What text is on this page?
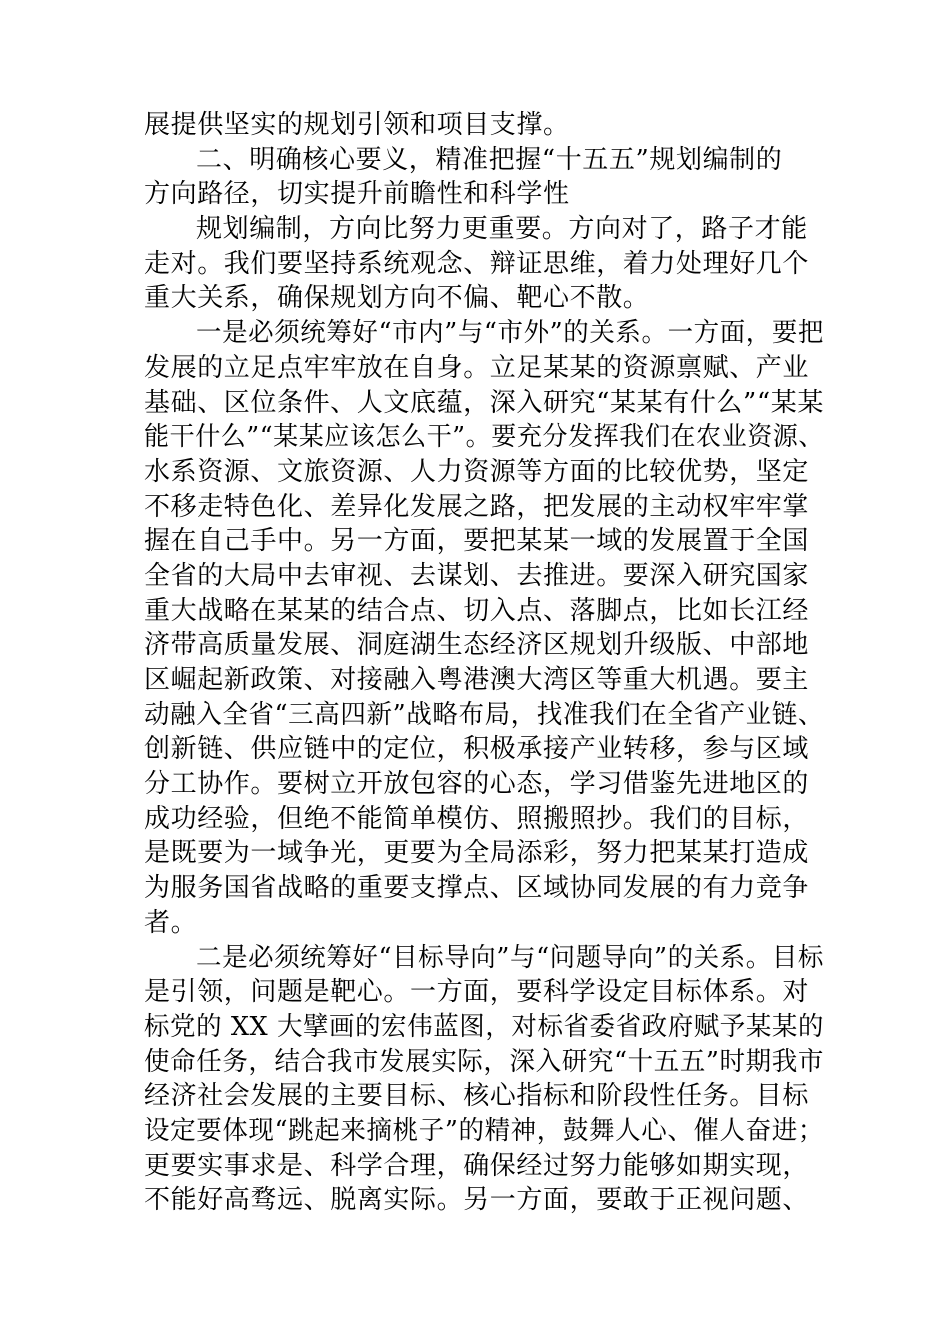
展提供坚实的规划引领和项目支撑。
二、明确核心要义，精准把握“十五五”规划编制的
方向路径，切实提升前瞻性和科学性
规划编制，方向比努力更重要。方向对了，路子才能
走对。我们要坚持系统观念、辩证思维，着力处理好几个
重大关系，确保规划方向不偏、靶心不散。
一是必须统筹好“市内”与“市外”的关系。一方面，要把
发展的立足点牢牢放在自身。立足某某的资源禀赋、产业
基础、区位条件、人文底蕴，深入研究“某某有什么”“某某
能干什么”“某某应该怎么干”。要充分发挥我们在农业资源、
水系资源、文旅资源、人力资源等方面的比较优势，坚定
不移走特色化、差异化发展之路，把发展的主动权牢牢掌
握在自己手中。另一方面，要把某某一域的发展置于全国
全省的大局中去审视、去谋划、去推进。要深入研究国家
重大战略在某某的结合点、切入点、落脚点，比如长江经
济带高质量发展、洞庭湖生态经济区规划升级版、中部地
区崛起新政策、对接融入粤港澳大湾区等重大机遇。要主
动融入全省“三高四新”战略布局，找准我们在全省产业链、
创新链、供应链中的定位，积极承接产业转移，参与区域
分工协作。要树立开放包容的心态，学习借鉴先进地区的
成功经验，但绝不能简单模仿、照搬照抄。我们的目标，
是既要为一域争光，更要为全局添彩，努力把某某打造成
为服务国省战略的重要支撑点、区域协同发展的有力竞争
者。
二是必须统筹好“目标导向”与“问题导向”的关系。目标
是引领，问题是靶心。一方面，要科学设定目标体系。对
标党的 XX 大擘画的宏伟蓝图，对标省委省政府赋予某某的
使命任务，结合我市发展实际，深入研究“十五五”时期我市
经济社会发展的主要目标、核心指标和阶段性任务。目标
设定要体现“跳起来摘桃子”的精神，鼓舞人心、催人奋进；
更要实事求是、科学合理，确保经过努力能够如期实现，
不能好高骛远、脱离实际。另一方面，要敢于正视问题、
